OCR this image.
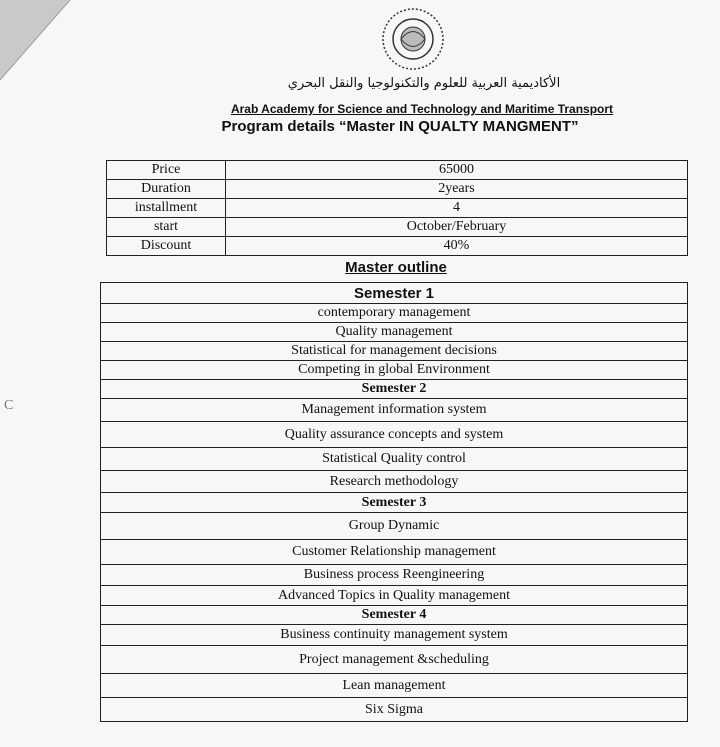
الأكاديمية العربية للعلوم والتكنولوجيا والنقل البحري
Arab Academy for Science and Technology and Maritime Transport
Program details “Master IN QUALTY MANGMENT”
Price	65000
Duration	2years
installment	4
start	October/February
Discount	40%
Master outline
Semester 1
contemporary management
Quality management
Statistical for management decisions
Competing in global Environment
Semester 2
Management information system
Quality assurance concepts and system
Statistical Quality control
Research methodology
Semester 3
Group Dynamic
Customer Relationship management
Business process Reengineering
Advanced Topics in Quality management
Semester 4
Business continuity management system
Project management &scheduling
Lean management
Six Sigma
C
